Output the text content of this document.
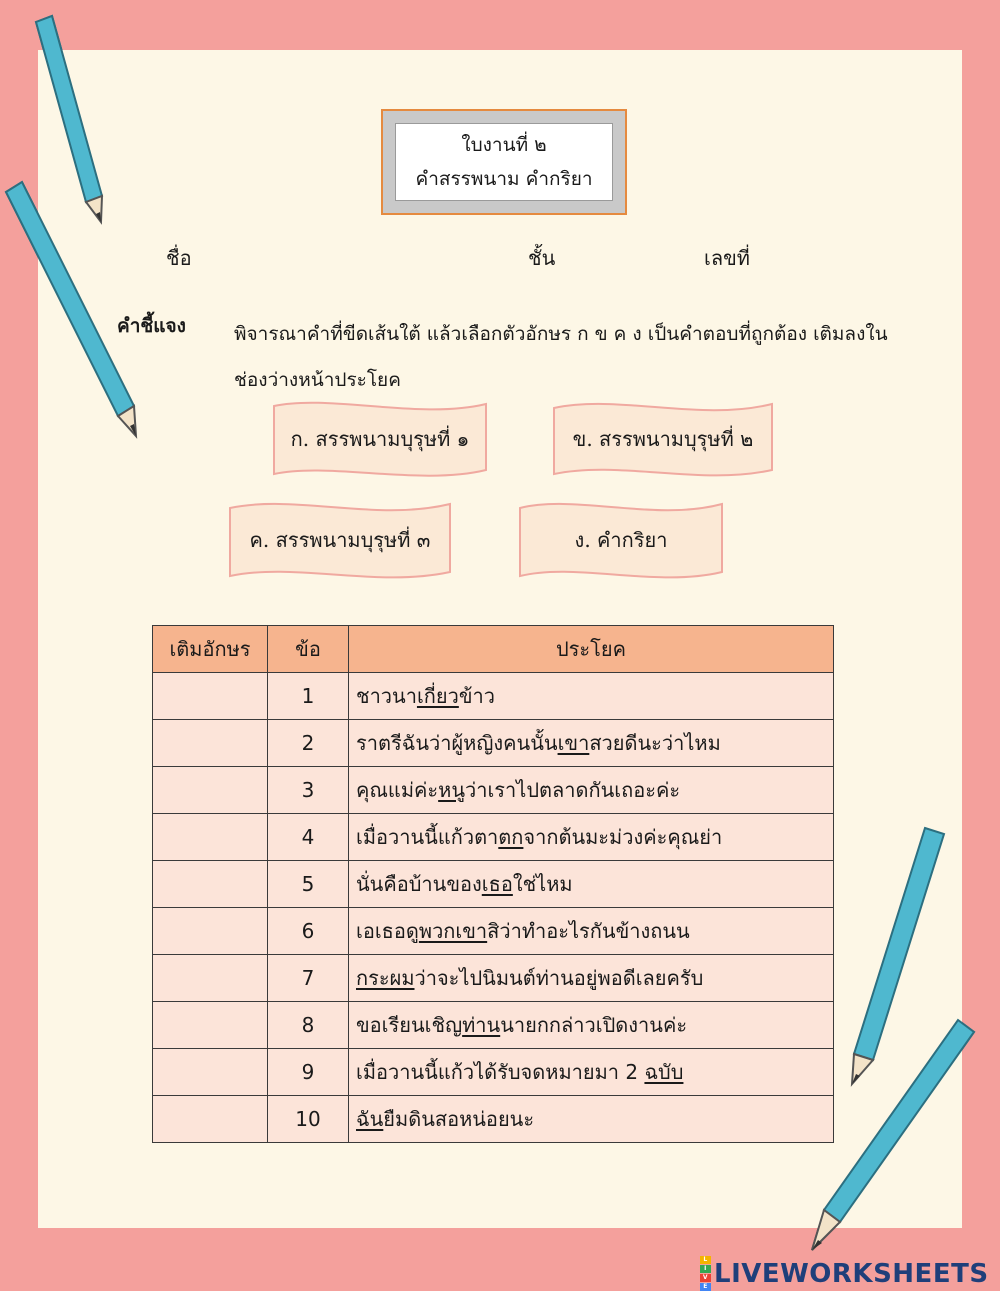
ใบงานที่ ๒
คำสรรพนาม คำกริยา
ชื่อ	ชั้น	เลขที่
คำชี้แจง	พิจารณาคำที่ขีดเส้นใต้ แล้วเลือกตัวอักษร ก ข ค ง เป็นคำตอบที่ถูกต้อง เติมลงในช่องว่างหน้าประโยค
ก. สรรพนามบุรุษที่ ๑	ข. สรรพนามบุรุษที่ ๒
ค. สรรพนามบุรุษที่ ๓	ง. คำกริยา
เติมอักษร	ข้อ	ประโยค
	1	ชาวนาเกี่ยวข้าว
	2	ราตรีฉันว่าผู้หญิงคนนั้นเขาสวยดีนะว่าไหม
	3	คุณแม่ค่ะหนูว่าเราไปตลาดกันเถอะค่ะ
	4	เมื่อวานนี้แก้วตาตกจากต้นมะม่วงค่ะคุณย่า
	5	นั่นคือบ้านของเธอใช่ไหม
	6	เอเธอดูพวกเขาสิว่าทำอะไรกันข้างถนน
	7	กระผมว่าจะไปนิมนต์ท่านอยู่พอดีเลยครับ
	8	ขอเรียนเชิญท่านนายกกล่าวเปิดงานค่ะ
	9	เมื่อวานนี้แก้วได้รับจดหมายมา 2 ฉบับ
	10	ฉันยืมดินสอหน่อยนะ
L
I
V
E LIVEWORKSHEETS
